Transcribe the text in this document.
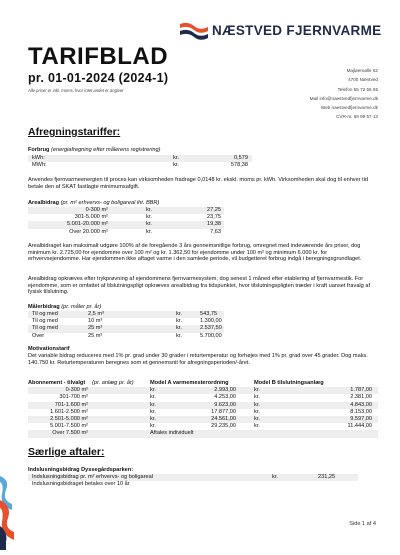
NÆSTVED FJERNVARME
TARIFBLAD
pr. 01-01-2024 (2024-1)
Alle priser er inkl. moms, hvor intet andet er angivet
Majløemølle 62
4700 Næstved
Telefon 55 72 56 65
Mail info@naestvedfjernvarme.dk
Web naestvedfjernvarme.dk
CVR-nr. 69 99 57 13
Afregningstariffer:
Forbrug (energiafregning efter målerens registrering)
kWh:	kr.	0,579
MWh:	kr.	578,38
Anvendes fjernvarmeenergien til proces kan virksomheden fradrage 0,0148 kr. ekskl. moms pr. kWh. Virksomheden skal dog til enhver tid betale den af SKAT fastlagte minimumsafgift.
Arealbidrag (pr. m² erhvervs- og boligareal iht. BBR)
0-300 m²	kr.	27,25
301-5.000 m²	kr.	23,75
5.001-20.000 m²	kr.	19,38
Over 20.000 m²	kr.	7,63
Arealbidraget kan maksimalt udgøre 100% af de foregående 3 års gennemsnitlige forbrug, omregnet med indeværende års priser, dog minimum kr. 2.725,00 for ejendomme over 100 m² og kr. 1.362,50 for ejendomme under 100 m² og minimum 6.000 kr. for erhvervsejendomme. Har ejendommen ikke aftaget varme i den samlede periode, vil budgetteret forbrug indgå i beregningsgrundlaget.
Arealbidrag opkræves efter trykprøvning af ejendommens fjernvarmesystem, dog senest 1 måned efter etablering af fjernvarmestik. For ejendomme, som er omfattet af tilslutningspligt opkræves arealbidrag fra tidspunktet, hvor tilslutningspligten træder i kraft uanset fravalg af fysisk tilslutning.
Målerbidrag (pr. måler pr. år)
Til og med	2,5 m³	kr.	543,75
Til og med	10 m³	kr.	1.300,00
Til og med	25 m³	kr.	2.537,50
Over	25 m³	kr.	5.700,00
Motivationstarif
Det variable bidrag reduceres med 1% pr. grad under 30 grader i returtemperatur og forhøjes med 1% pr. grad over 45 grader. Dog maks. 140.750 kr. Returtemperaturen beregnes som et gennemsnit for afregningsperioden/-året.
Abonnement - tilvalgt (pr. anlæg pr. år)	Model A varmemesterordning	Model B tilslutningsanlæg
0-300 m²	kr.	2.993,00	kr.	1.787,00
301-700 m²	kr.	4.253,00	kr.	2.381,00
701-1.600 m²	kr.	9.623,00	kr.	4.843,00
1.601-2.500 m²	kr.	17.877,00	kr.	8.153,00
2.501-5.000 m²	kr.	24.561,00	kr.	9.597,00
5.001-7.500 m²	kr.	29.235,00	kr.	11.444,00
Over 7.500 m²	Aftales individuelt
Særlige aftaler:
Indslusningsbidrag Dyssegårdsparken:
Indslusningsbidrag pr. m² erhvervs- og boligareal	kr.	231,25
Indslusningsbidraget betales over 10 år
Side 1 af 4
